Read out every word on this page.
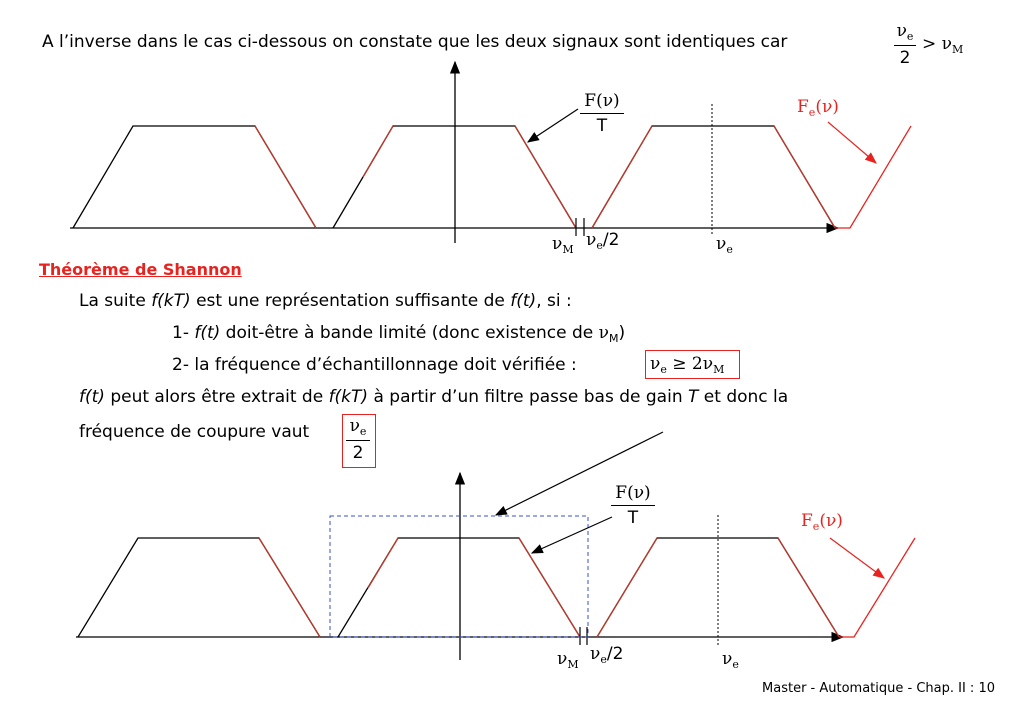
A l’inverse dans le cas ci-dessous on constate que les deux signaux sont identiques car
$\nu_e$
2
> $\nu_M$
F(ν)
T
$F_e(\nu)$
$\nu_M$ $\nu_e/2$	$\nu_e$
Théorème de Shannon
La suite f(kT) est une représentation suffisante de f(t), si :
1- f(t) doit-être à bande limité (donc existence de $\nu_M$)
2- la fréquence d’échantillonnage doit vérifiée :	$\nu_e \ge 2\nu_M$
f(t) peut alors être extrait de f(kT) à partir d’un filtre passe bas de gain T et donc la
fréquence de coupure vaut $\nu_e$
2
F(ν)
T	$F_e(\nu)$
$\nu_M$
$\nu_e/2$	$\nu_e$
Master - Automatique - Chap. II : 10
